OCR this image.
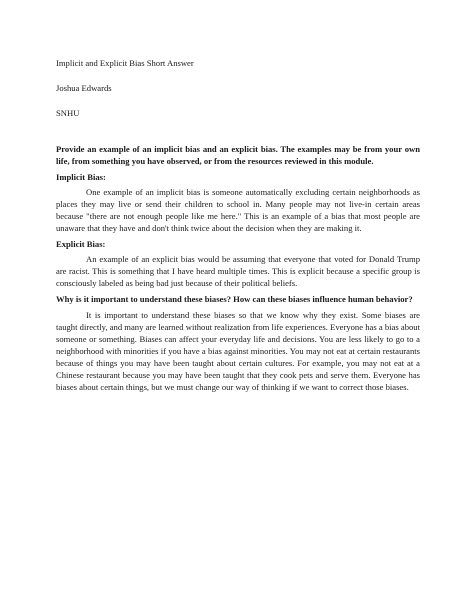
Implicit and Explicit Bias Short Answer

Joshua Edwards

SNHU

Provide an example of an implicit bias and an explicit bias. The examples may be from your own life, from something you have observed, or from the resources reviewed in this module.

Implicit Bias:

One example of an implicit bias is someone automatically excluding certain neighborhoods as places they may live or send their children to school in. Many people may not live-in certain areas because "there are not enough people like me here." This is an example of a bias that most people are unaware that they have and don't think twice about the decision when they are making it.

Explicit Bias:

An example of an explicit bias would be assuming that everyone that voted for Donald Trump are racist. This is something that I have heard multiple times. This is explicit because a specific group is consciously labeled as being bad just because of their political beliefs.

Why is it important to understand these biases? How can these biases influence human behavior?

It is important to understand these biases so that we know why they exist. Some biases are taught directly, and many are learned without realization from life experiences. Everyone has a bias about someone or something. Biases can affect your everyday life and decisions. You are less likely to go to a neighborhood with minorities if you have a bias against minorities. You may not eat at certain restaurants because of things you may have been taught about certain cultures. For example, you may not eat at a Chinese restaurant because you may have been taught that they cook pets and serve them. Everyone has biases about certain things, but we must change our way of thinking if we want to correct those biases.
